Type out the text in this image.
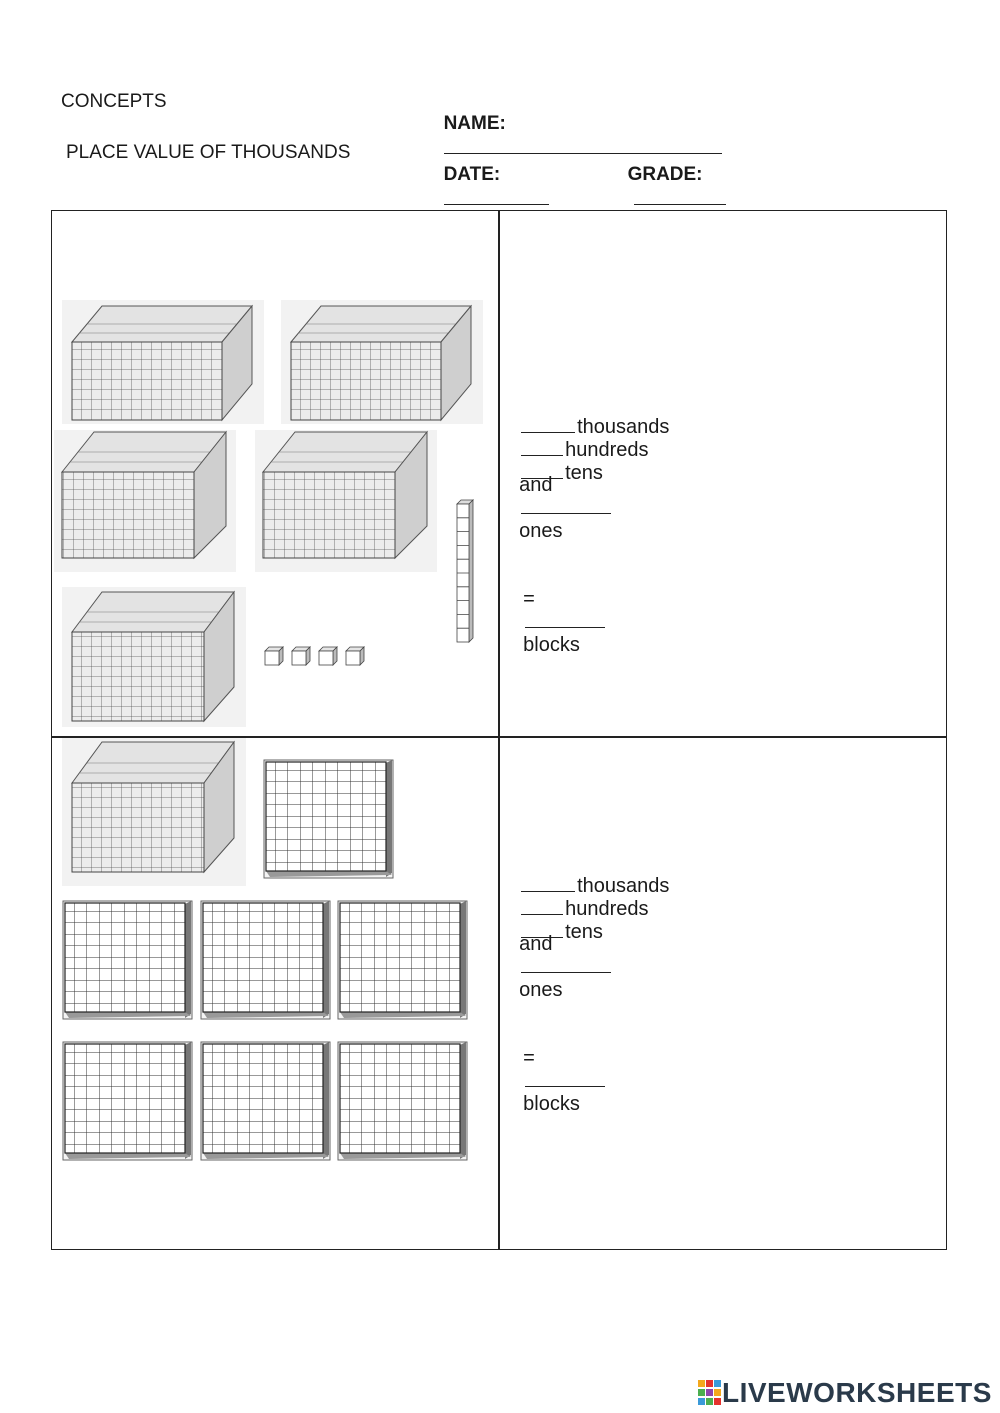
CONCEPTS
PLACE VALUE OF THOUSANDS

NAME:

DATE:
	GRADE:

thousands
hundreds
tens

and

ones

=

blocks

thousands
hundreds
tens

and

ones

=

blocks

LIVEWORKSHEETS
